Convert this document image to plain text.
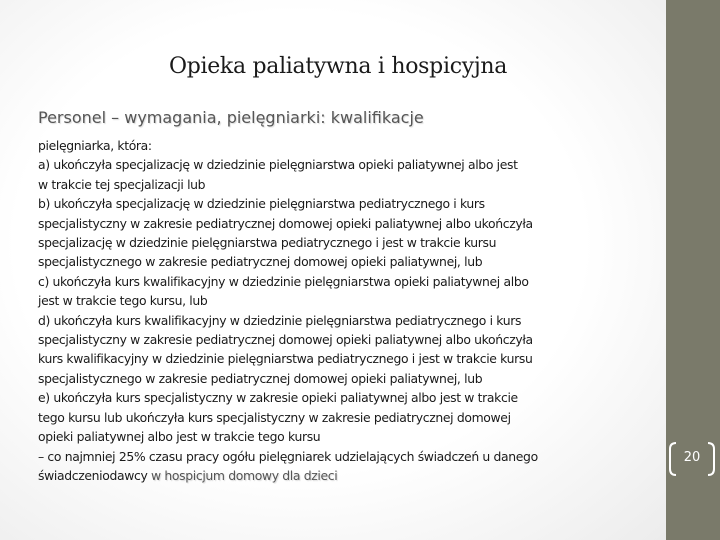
Opieka paliatywna i hospicyjna
Personel – wymagania, pielęgniarki: kwalifikacje
pielęgniarka, która:
a) ukończyła specjalizację w dziedzinie pielęgniarstwa opieki paliatywnej albo jest
w trakcie tej specjalizacji lub
b) ukończyła specjalizację w dziedzinie pielęgniarstwa pediatrycznego i kurs
specjalistyczny w zakresie pediatrycznej domowej opieki paliatywnej albo ukończyła
specjalizację w dziedzinie pielęgniarstwa pediatrycznego i jest w trakcie kursu
specjalistycznego w zakresie pediatrycznej domowej opieki paliatywnej, lub
c) ukończyła kurs kwalifikacyjny w dziedzinie pielęgniarstwa opieki paliatywnej albo
jest w trakcie tego kursu, lub
d) ukończyła kurs kwalifikacyjny w dziedzinie pielęgniarstwa pediatrycznego i kurs
specjalistyczny w zakresie pediatrycznej domowej opieki paliatywnej albo ukończyła
kurs kwalifikacyjny w dziedzinie pielęgniarstwa pediatrycznego i jest w trakcie kursu
specjalistycznego w zakresie pediatrycznej domowej opieki paliatywnej, lub
e) ukończyła kurs specjalistyczny w zakresie opieki paliatywnej albo jest w trakcie
tego kursu lub ukończyła kurs specjalistyczny w zakresie pediatrycznej domowej
opieki paliatywnej albo jest w trakcie tego kursu
– co najmniej 25% czasu pracy ogółu pielęgniarek udzielających świadczeń u danego
świadczeniodawcy w hospicjum domowy dla dzieci
20
